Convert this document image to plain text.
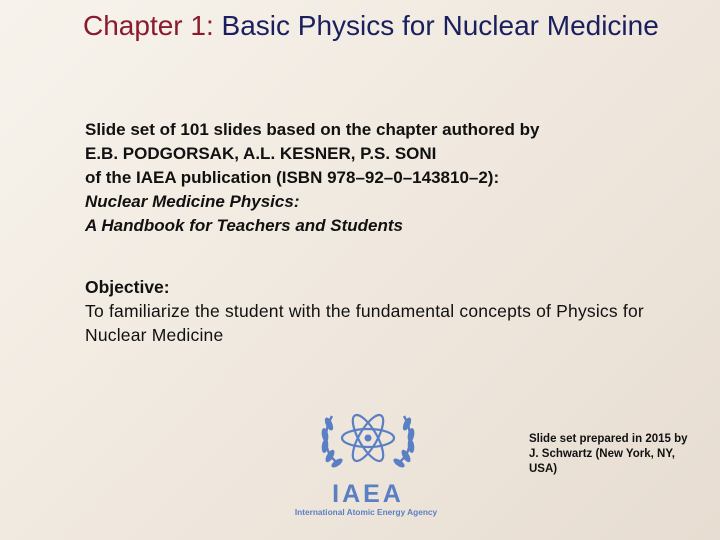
Chapter 1: Basic Physics for Nuclear Medicine
Slide set of 101 slides based on the chapter authored by
E.B. PODGORSAK, A.L. KESNER, P.S. SONI
of the IAEA publication (ISBN 978–92–0–143810–2):
Nuclear Medicine Physics:
A Handbook for Teachers and Students
Objective:
To familiarize the student with the fundamental concepts of Physics for Nuclear Medicine
IAEA
International Atomic Energy Agency
Slide set prepared in 2015 by J. Schwartz (New York, NY, USA)
